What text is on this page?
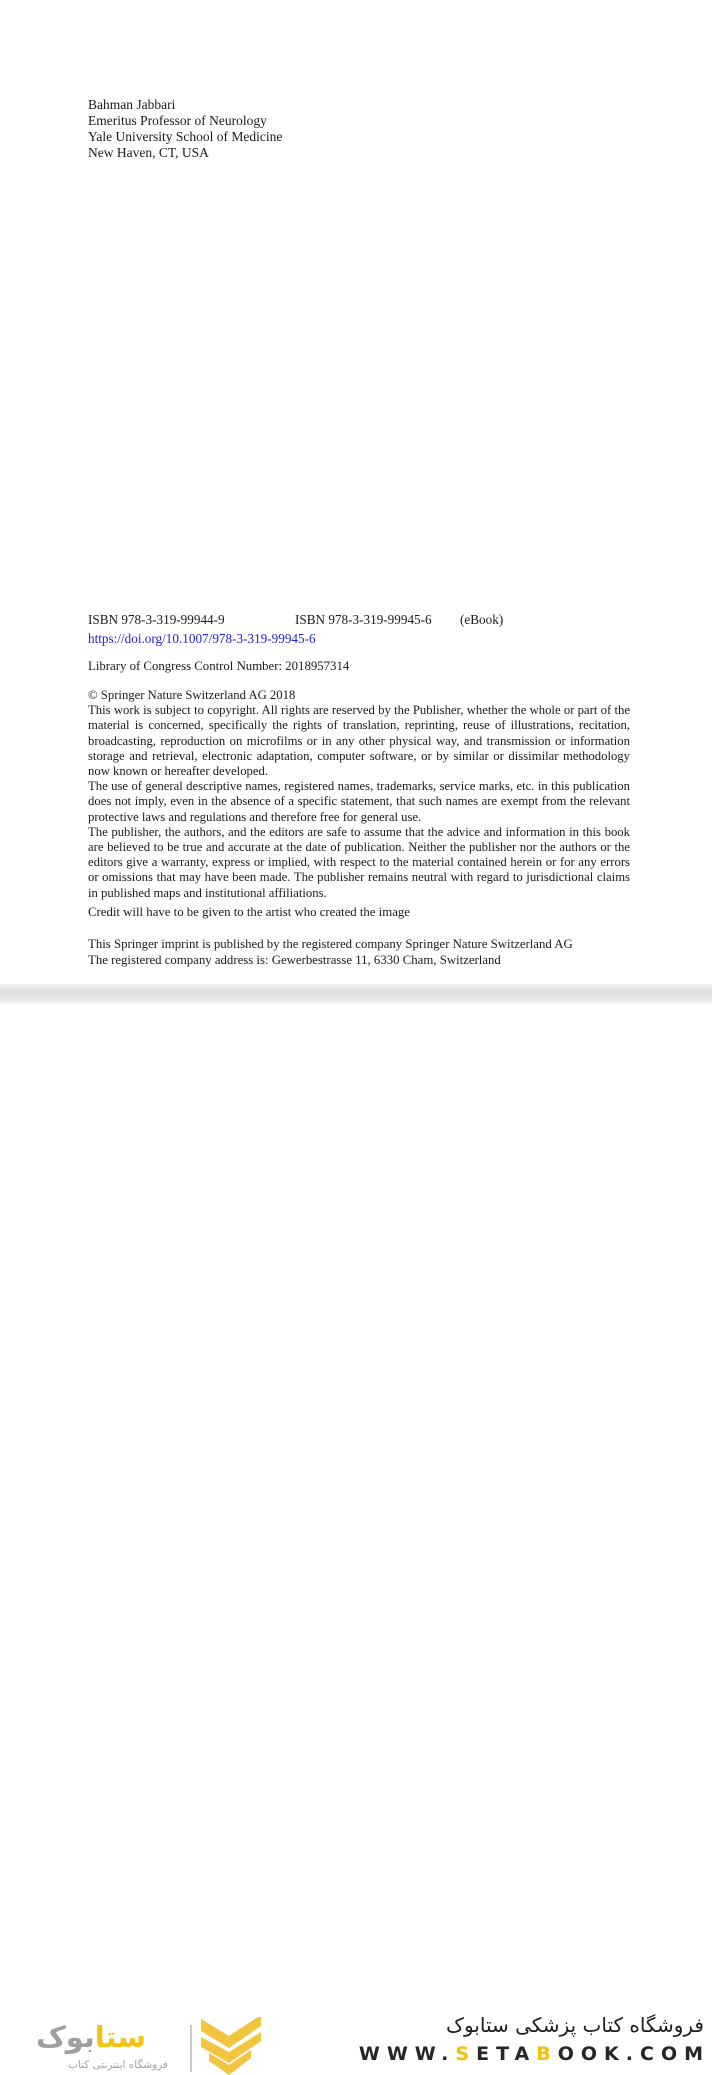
Bahman Jabbari
Emeritus Professor of Neurology
Yale University School of Medicine
New Haven, CT, USA
ISBN 978-3-319-99944-9	ISBN 978-3-319-99945-6 (eBook)
https://doi.org/10.1007/978-3-319-99945-6
Library of Congress Control Number: 2018957314

© Springer Nature Switzerland AG 2018

This work is subject to copyright. All rights are reserved by the Publisher, whether the whole or part of the material is concerned, specifically the rights of translation, reprinting, reuse of illustrations, recitation, broadcasting, reproduction on microfilms or in any other physical way, and transmission or information storage and retrieval, electronic adaptation, computer software, or by similar or dissimilar methodology now known or hereafter developed.

The use of general descriptive names, registered names, trademarks, service marks, etc. in this publication does not imply, even in the absence of a specific statement, that such names are exempt from the relevant protective laws and regulations and therefore free for general use.

The publisher, the authors, and the editors are safe to assume that the advice and information in this book are believed to be true and accurate at the date of publication. Neither the publisher nor the authors or the editors give a warranty, express or implied, with respect to the material contained herein or for any errors or omissions that may have been made. The publisher remains neutral with regard to jurisdictional claims in published maps and institutional affiliations.

Credit will have to be given to the artist who created the image
This Springer imprint is published by the registered company Springer Nature Switzerland AG
The registered company address is: Gewerbestrasse 11, 6330 Cham, Switzerland
ستابوک
فروشگاه اینترنتی کتاب
فروشگاه کتاب پزشکی ستابوک
WWW.SETABOOK.COM
